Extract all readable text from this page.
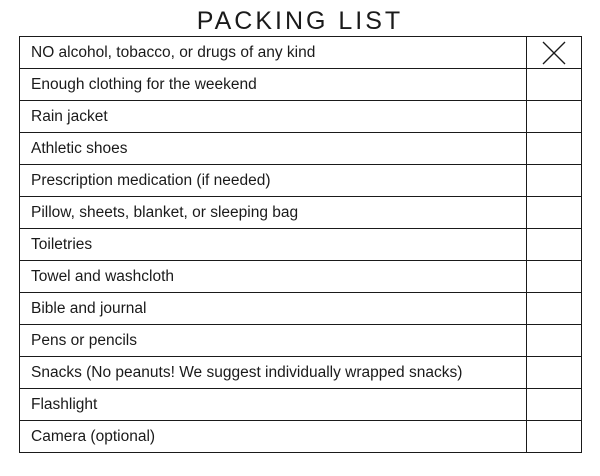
PACKING LIST
NO alcohol, tobacco, or drugs of any kind
Enough clothing for the weekend
Rain jacket
Athletic shoes
Prescription medication (if needed)
Pillow, sheets, blanket, or sleeping bag
Toiletries
Towel and washcloth
Bible and journal
Pens or pencils
Snacks (No peanuts! We suggest individually wrapped snacks)
Flashlight
Camera (optional)
